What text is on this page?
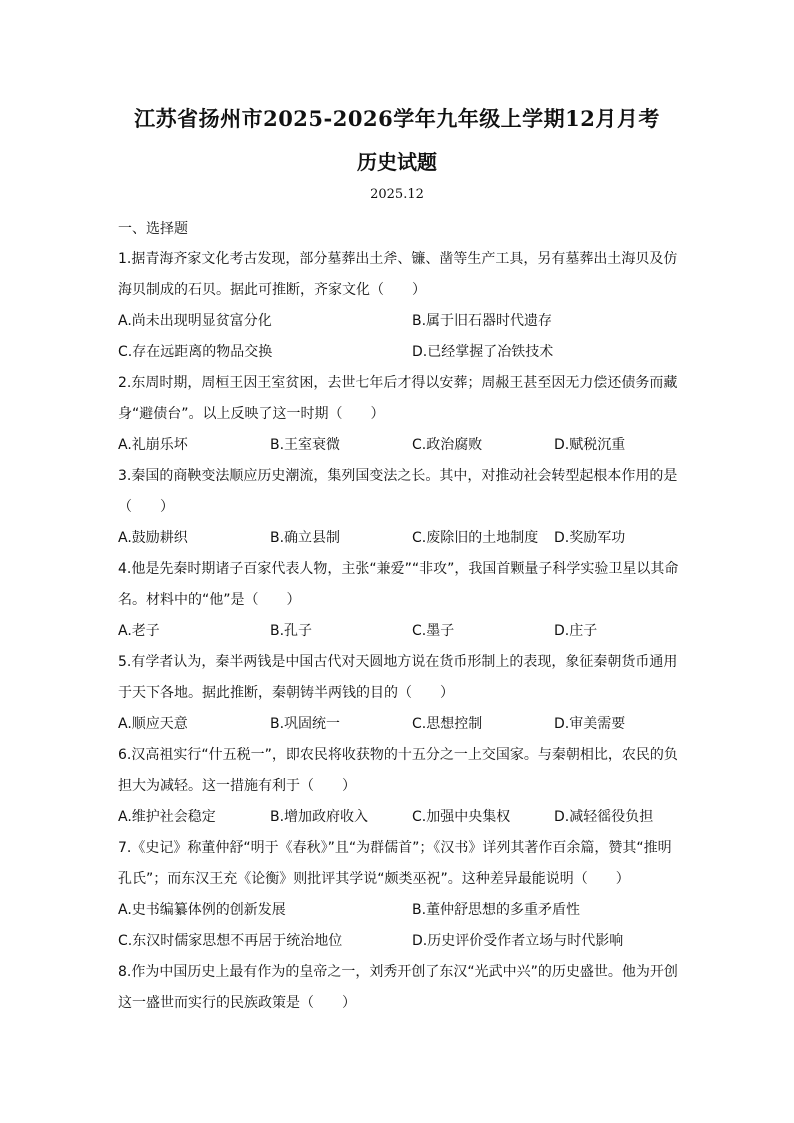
江苏省扬州市2025-2026学年九年级上学期12月月考
历史试题
2025.12
一、选择题
1.据青海齐家文化考古发现，部分墓葬出土斧、镰、凿等生产工具，另有墓葬出土海贝及仿
海贝制成的石贝。据此可推断，齐家文化（　　）
A.尚未出现明显贫富分化	B.属于旧石器时代遗存
C.存在远距离的物品交换	D.已经掌握了冶铁技术
2.东周时期，周桓王因王室贫困，去世七年后才得以安葬；周赧王甚至因无力偿还债务而藏
身“避债台”。以上反映了这一时期（　　）
A.礼崩乐坏	B.王室衰微	C.政治腐败	D.赋税沉重
3.秦国的商鞅变法顺应历史潮流，集列国变法之长。其中，对推动社会转型起根本作用的是
（　　）
A.鼓励耕织	B.确立县制	C.废除旧的土地制度 D.奖励军功
4.他是先秦时期诸子百家代表人物，主张“兼爱”“非攻”，我国首颗量子科学实验卫星以其命
名。材料中的“他”是（　　）
A.老子	B.孔子	C.墨子	D.庄子
5.有学者认为，秦半两钱是中国古代对天圆地方说在货币形制上的表现，象征秦朝货币通用
于天下各地。据此推断，秦朝铸半两钱的目的（　　）
A.顺应天意	B.巩固统一	C.思想控制	D.审美需要
6.汉高祖实行“什五税一”，即农民将收获物的十五分之一上交国家。与秦朝相比，农民的负
担大为减轻。这一措施有利于（　　）
A.维护社会稳定	B.增加政府收入	C.加强中央集权	D.减轻徭役负担
7.《史记》称董仲舒“明于《春秋》”且“为群儒首”；《汉书》详列其著作百余篇，赞其“推明
孔氏”；而东汉王充《论衡》则批评其学说“颇类巫祝”。这种差异最能说明（　　）
A.史书编纂体例的创新发展	B.董仲舒思想的多重矛盾性
C.东汉时儒家思想不再居于统治地位	D.历史评价受作者立场与时代影响
8.作为中国历史上最有作为的皇帝之一，刘秀开创了东汉“光武中兴”的历史盛世。他为开创
这一盛世而实行的民族政策是（　　）
